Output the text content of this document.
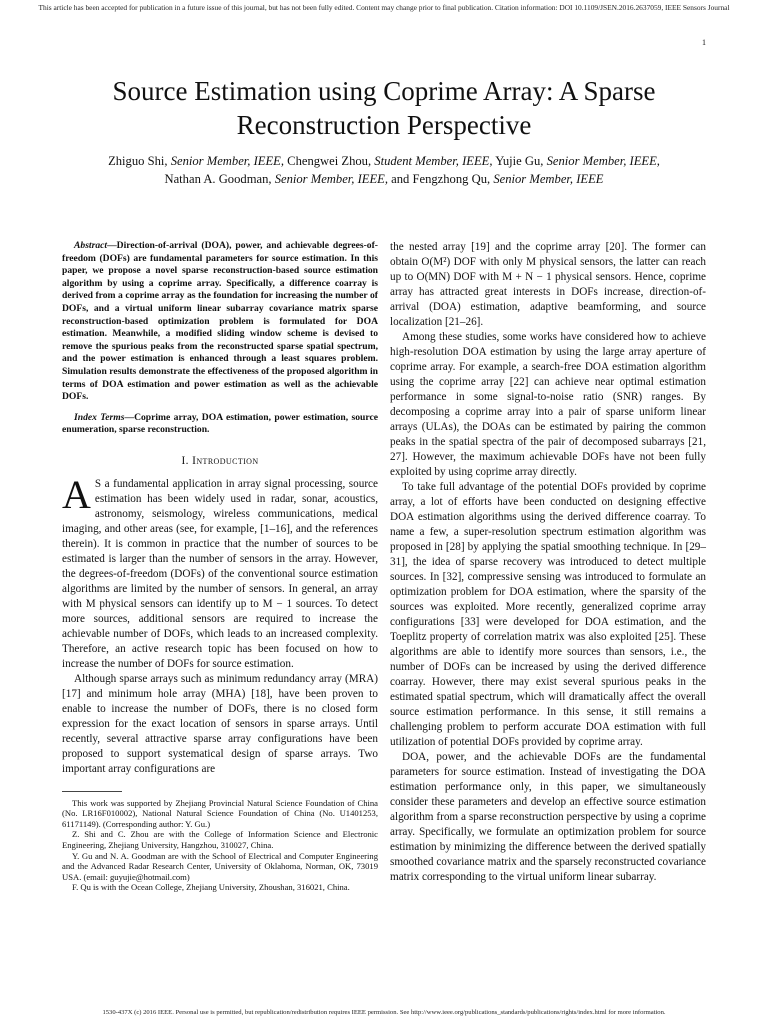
This article has been accepted for publication in a future issue of this journal, but has not been fully edited. Content may change prior to final publication. Citation information: DOI 10.1109/JSEN.2016.2637059, IEEE Sensors Journal
1
Source Estimation using Coprime Array: A Sparse Reconstruction Perspective
Zhiguo Shi, Senior Member, IEEE, Chengwei Zhou, Student Member, IEEE, Yujie Gu, Senior Member, IEEE,
Nathan A. Goodman, Senior Member, IEEE, and Fengzhong Qu, Senior Member, IEEE

Abstract—Direction-of-arrival (DOA), power, and achievable degrees-of-freedom (DOFs) are fundamental parameters for source estimation. In this paper, we propose a novel sparse reconstruction-based source estimation algorithm by using a coprime array. Specifically, a difference coarray is derived from a coprime array as the foundation for increasing the number of DOFs, and a virtual uniform linear subarray covariance matrix sparse reconstruction-based optimization problem is formulated for DOA estimation. Meanwhile, a modified sliding window scheme is devised to remove the spurious peaks from the reconstructed sparse spatial spectrum, and the power estimation is enhanced through a least squares problem. Simulation results demonstrate the effectiveness of the proposed algorithm in terms of DOA estimation and power estimation as well as the achievable DOFs.

Index Terms—Coprime array, DOA estimation, power estimation, source enumeration, sparse reconstruction.

I. Introduction

A S a fundamental application in array signal processing, source estimation has been widely used in radar, sonar, acoustics, astronomy, seismology, wireless communications, medical imaging, and other areas (see, for example, [1–16], and the references therein). It is common in practice that the number of sources to be estimated is larger than the number of sensors in the array. However, the degrees-of-freedom (DOFs) of the conventional source estimation algorithms are limited by the number of sensors. In general, an array with M physical sensors can identify up to M − 1 sources. To detect more sources, additional sensors are required to increase the achievable number of DOFs, which leads to an increased complexity. Therefore, an active research topic has been focused on how to increase the number of DOFs for source estimation.

Although sparse arrays such as minimum redundancy array (MRA) [17] and minimum hole array (MHA) [18], have been proven to enable to increase the number of DOFs, there is no closed form expression for the exact location of sensors in sparse arrays. Until recently, several attractive sparse array configurations have been proposed to support systematical design of sparse arrays. Two important array configurations are

This work was supported by Zhejiang Provincial Natural Science Foundation of China (No. LR16F010002), National Natural Science Foundation of China (No. U1401253, 61171149). (Corresponding author: Y. Gu.)

Z. Shi and C. Zhou are with the College of Information Science and Electronic Engineering, Zhejiang University, Hangzhou, 310027, China.

Y. Gu and N. A. Goodman are with the School of Electrical and Computer Engineering and the Advanced Radar Research Center, University of Oklahoma, Norman, OK, 73019 USA. (email: guyujie@hotmail.com)

F. Qu is with the Ocean College, Zhejiang University, Zhoushan, 316021, China.

the nested array [19] and the coprime array [20]. The former can obtain O(M²) DOF with only M physical sensors, the latter can reach up to O(MN) DOF with M + N − 1 physical sensors. Hence, coprime array has attracted great interests in DOFs increase, direction-of-arrival (DOA) estimation, adaptive beamforming, and source localization [21–26].

Among these studies, some works have considered how to achieve high-resolution DOA estimation by using the large array aperture of coprime array. For example, a search-free DOA estimation algorithm using the coprime array [22] can achieve near optimal estimation performance in some signal-to-noise ratio (SNR) ranges. By decomposing a coprime array into a pair of sparse uniform linear arrays (ULAs), the DOAs can be estimated by pairing the common peaks in the spatial spectra of the pair of decomposed subarrays [21, 27]. However, the maximum achievable DOFs have not been fully exploited by using coprime array directly.

To take full advantage of the potential DOFs provided by coprime array, a lot of efforts have been conducted on designing effective DOA estimation algorithms using the derived difference coarray. To name a few, a super-resolution spectrum estimation algorithm was proposed in [28] by applying the spatial smoothing technique. In [29–31], the idea of sparse recovery was introduced to detect multiple sources. In [32], compressive sensing was introduced to formulate an optimization problem for DOA estimation, where the sparsity of the sources was exploited. More recently, generalized coprime array configurations [33] were developed for DOA estimation, and the Toeplitz property of correlation matrix was also exploited [25]. These algorithms are able to identify more sources than sensors, i.e., the number of DOFs can be increased by using the derived difference coarray. However, there may exist several spurious peaks in the estimated spatial spectrum, which will dramatically affect the overall source estimation performance. In this sense, it still remains a challenging problem to perform accurate DOA estimation with full utilization of potential DOFs provided by coprime array.

DOA, power, and the achievable DOFs are the fundamental parameters for source estimation. Instead of investigating the DOA estimation performance only, in this paper, we simultaneously consider these parameters and develop an effective source estimation algorithm from a sparse reconstruction perspective by using a coprime array. Specifically, we formulate an optimization problem for source estimation by minimizing the difference between the derived spatially smoothed covariance matrix and the sparsely reconstructed covariance matrix corresponding to the virtual uniform linear subarray.

1530-437X (c) 2016 IEEE. Personal use is permitted, but republication/redistribution requires IEEE permission. See http://www.ieee.org/publications_standards/publications/rights/index.html for more information.
